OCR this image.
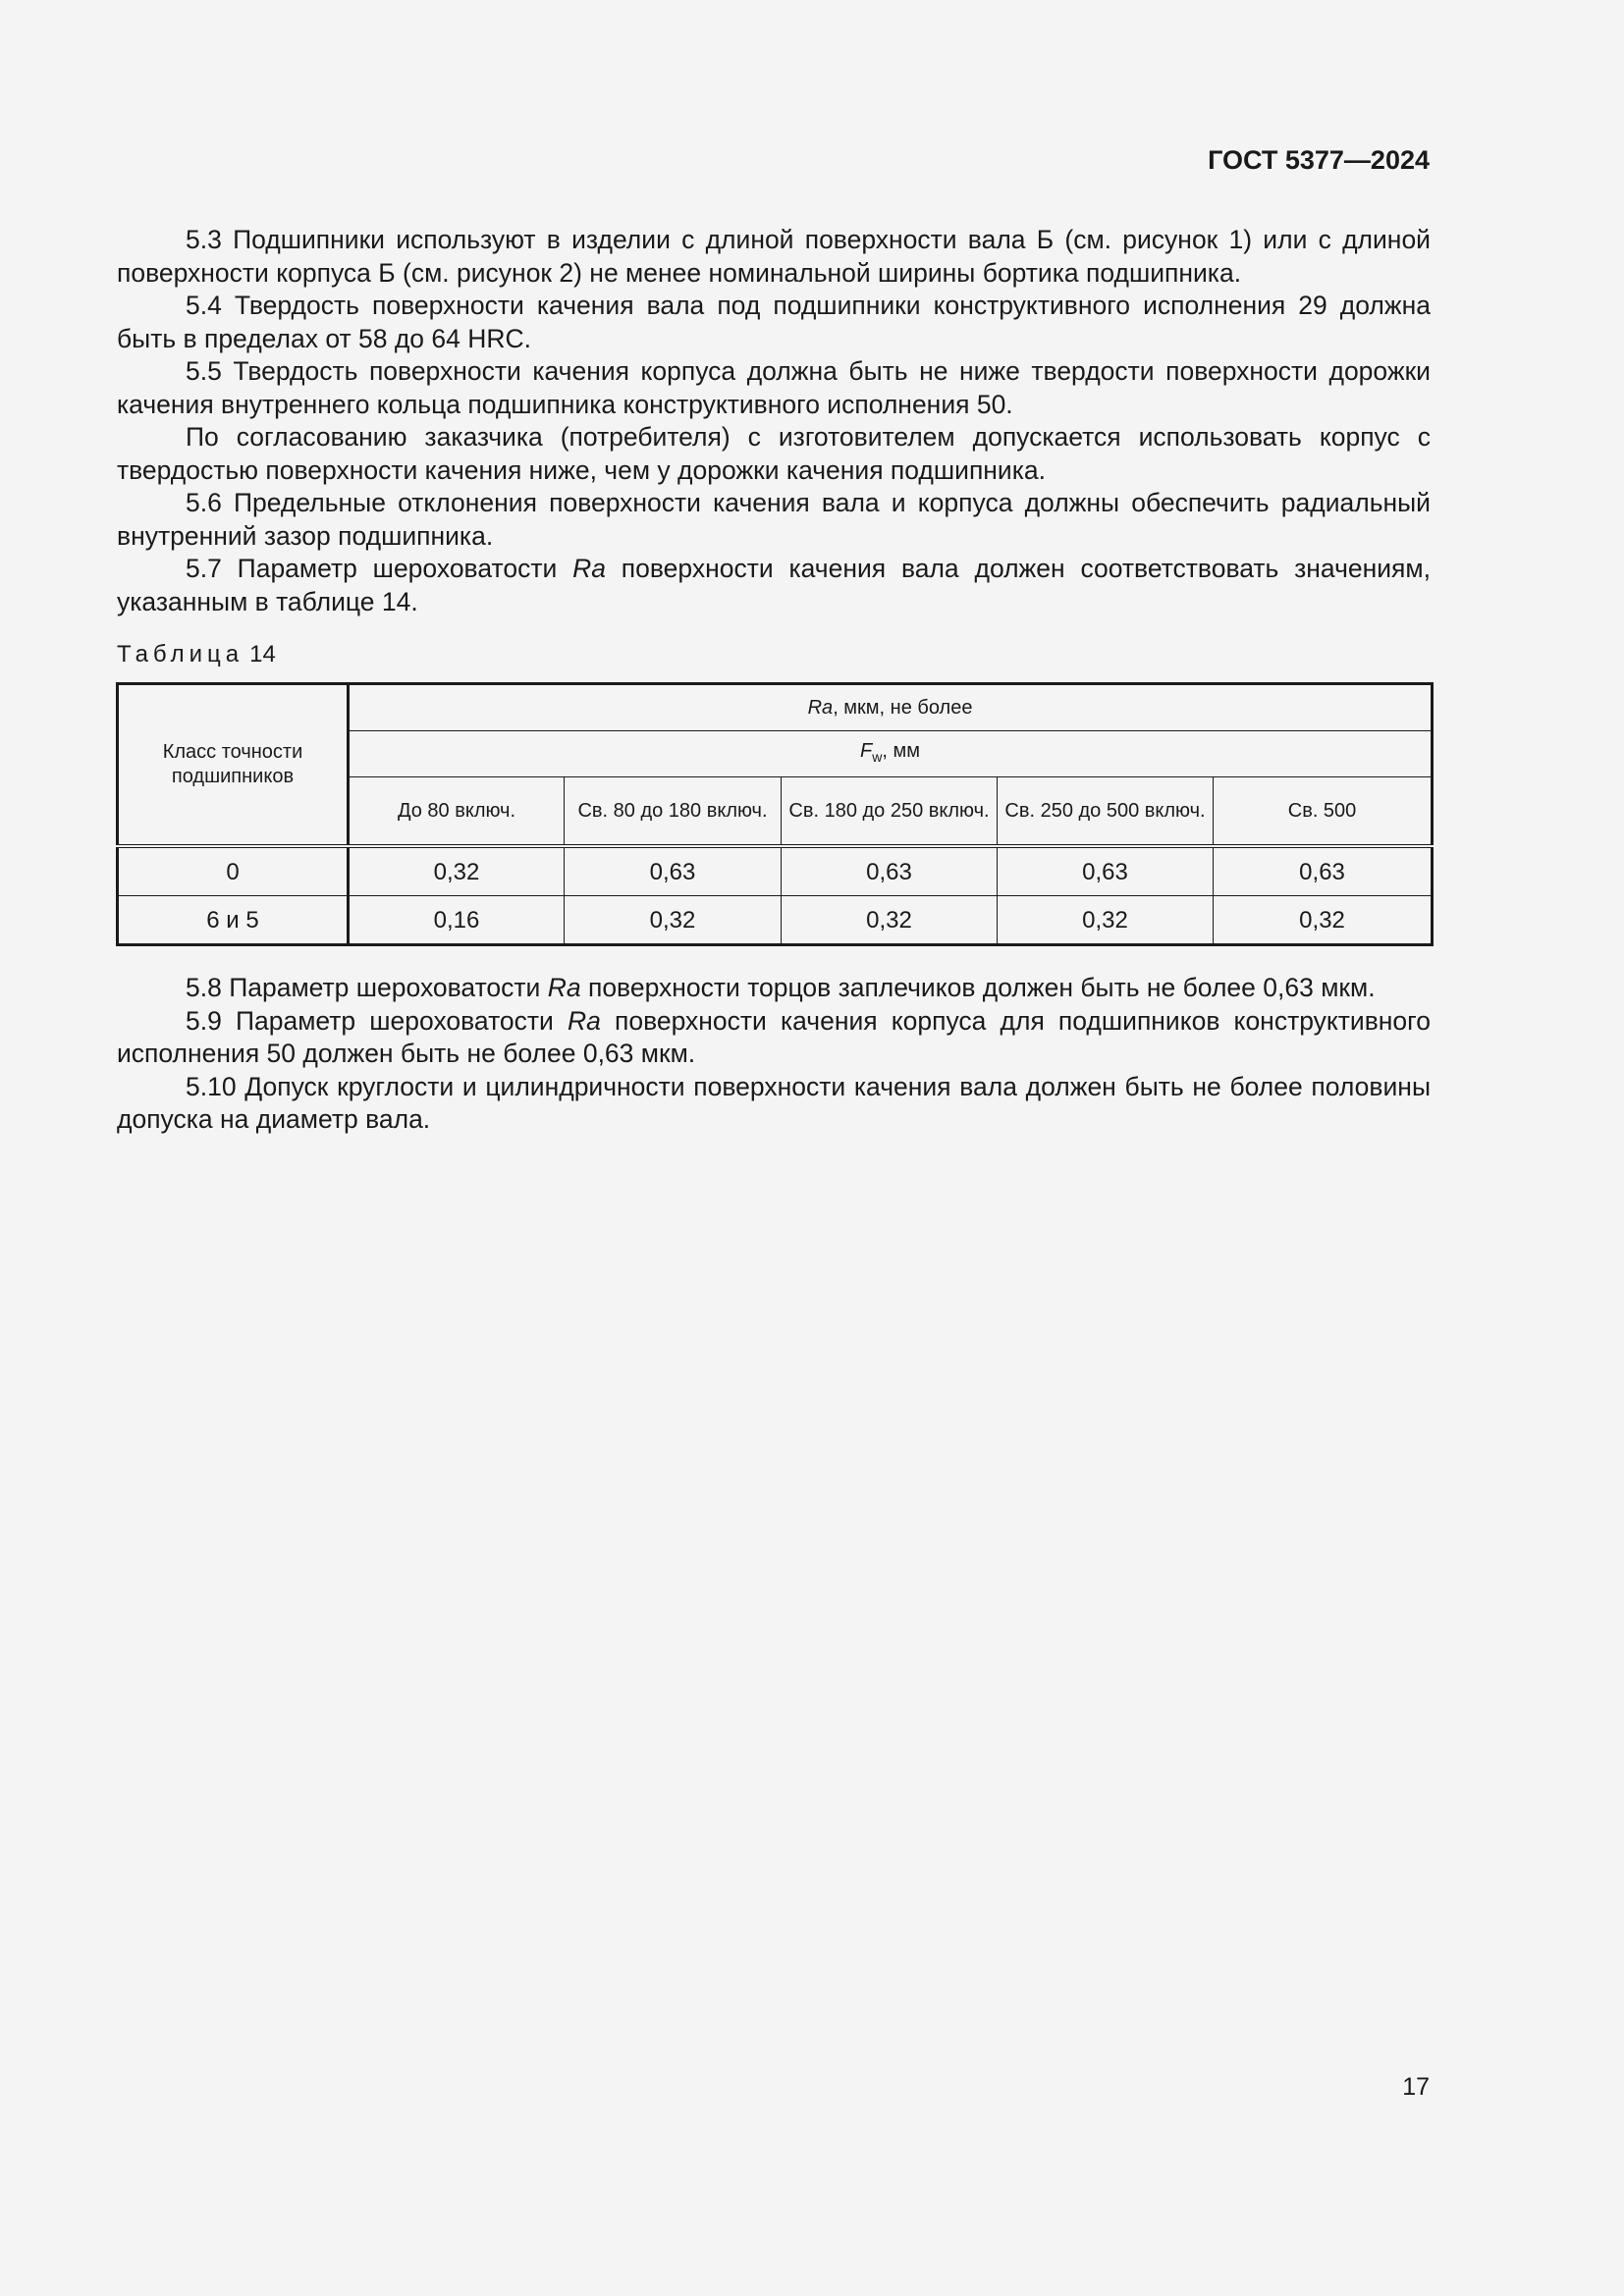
ГОСТ 5377—2024

5.3 Подшипники используют в изделии с длиной поверхности вала Б (см. рисунок 1) или с длиной поверхности корпуса Б (см. рисунок 2) не менее номинальной ширины бортика подшипника.

5.4 Твердость поверхности качения вала под подшипники конструктивного исполнения 29 должна быть в пределах от 58 до 64 HRC.

5.5 Твердость поверхности качения корпуса должна быть не ниже твердости поверхности дорожки качения внутреннего кольца подшипника конструктивного исполнения 50.

По согласованию заказчика (потребителя) с изготовителем допускается использовать корпус с твердостью поверхности качения ниже, чем у дорожки качения подшипника.

5.6 Предельные отклонения поверхности качения вала и корпуса должны обеспечить радиальный внутренний зазор подшипника.

5.7 Параметр шероховатости Ra поверхности качения вала должен соответствовать значениям, указанным в таблице 14.

Таблица 14
Класс точности подшипников	Ra, мкм, не более				
	$F_w$, мм				
	До 80 включ.	Св. 80 до 180 включ.	Св. 180 до 250 включ.	Св. 250 до 500 включ.	Св. 500
0	0,32	0,63	0,63	0,63	0,63
6 и 5	0,16	0,32	0,32	0,32	0,32

5.8 Параметр шероховатости Ra поверхности торцов заплечиков должен быть не более 0,63 мкм.

5.9 Параметр шероховатости Ra поверхности качения корпуса для подшипников конструктивного исполнения 50 должен быть не более 0,63 мкм.

5.10 Допуск круглости и цилиндричности поверхности качения вала должен быть не более половины допуска на диаметр вала.

17
